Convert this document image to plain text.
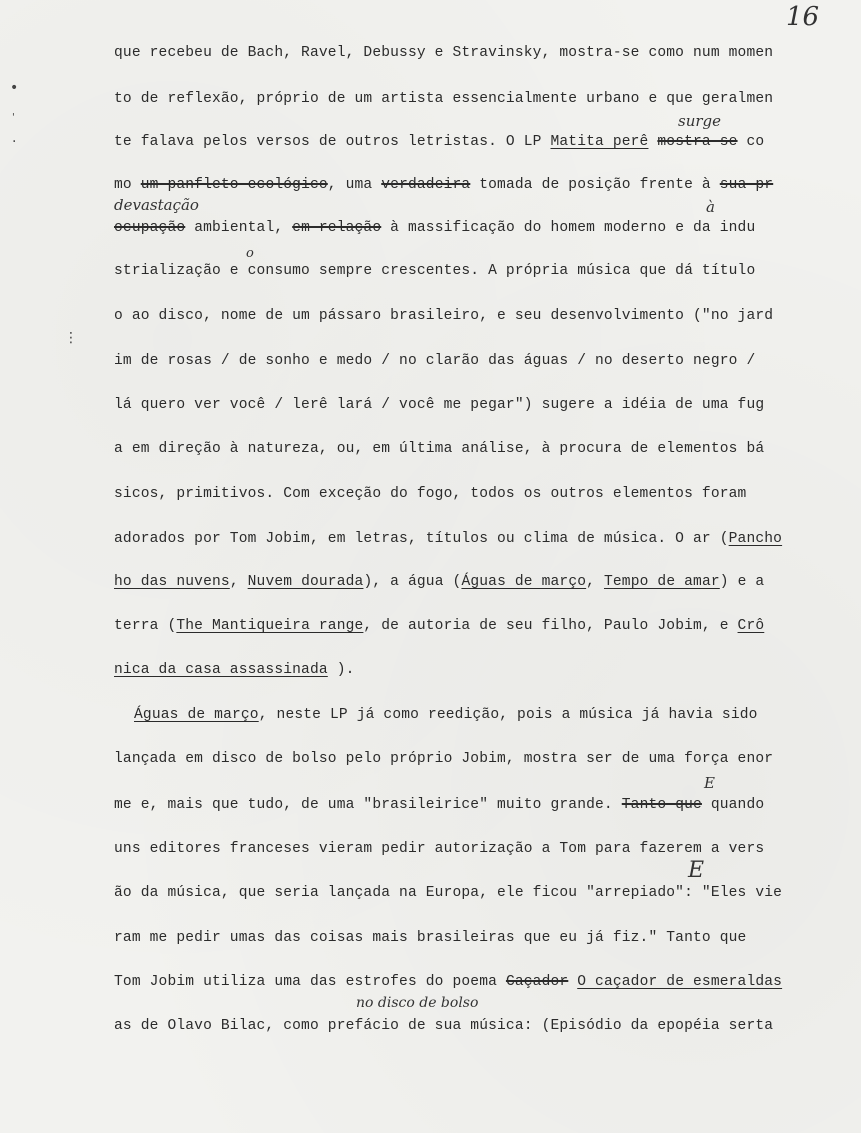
16
que recebeu de Bach, Ravel, Debussy e Stravinsky, mostra-se como num momen
to de reflexão, próprio de um artista essencialmente urbano e que geralmen
te falava pelos versos de outros letristas. O LP Matita perê mostra-se co
surge
mo um panfleto ecológico, uma verdadeira tomada de posição frente à sua pr
devastação
ocupação ambiental, em relação à massificação do homem moderno e da indu
à
strialização e consumo sempre crescentes. A própria música que dá título
o
o ao disco, nome de um pássaro brasileiro, e seu desenvolvimento ("no jard
im de rosas / de sonho e medo / no clarão das águas / no deserto negro /
lá quero ver você / lerê lará / você me pegar") sugere a idéia de uma fug
a em direção à natureza, ou, em última análise, à procura de elementos bá
sicos, primitivos. Com exceção do fogo, todos os outros elementos foram
adorados por Tom Jobim, em letras, títulos ou clima de música. O ar (Pancho
ho das nuvens, Nuvem dourada), a água (Águas de março, Tempo de amar) e a
terra (The Mantiqueira range, de autoria de seu filho, Paulo Jobim, e Crô
nica da casa assassinada ).
Águas de março, neste LP já como reedição, pois a música já havia sido
lançada em disco de bolso pelo próprio Jobim, mostra ser de uma força enor
me e, mais que tudo, de uma "brasileirice" muito grande. Tanto que quando
E
uns editores franceses vieram pedir autorização a Tom para fazerem a vers
ão da música, que seria lançada na Europa, ele ficou "arrepiado": "Eles vie
E
ram me pedir umas das coisas mais brasileiras que eu já fiz." Tanto que
Tom Jobim utiliza uma das estrofes do poema Caçador O caçador de esmeraldas
as de Olavo Bilac, como prefácio de sua música: (Episódio da epopéia serta
no disco de bolso
•
'
·
⋮
